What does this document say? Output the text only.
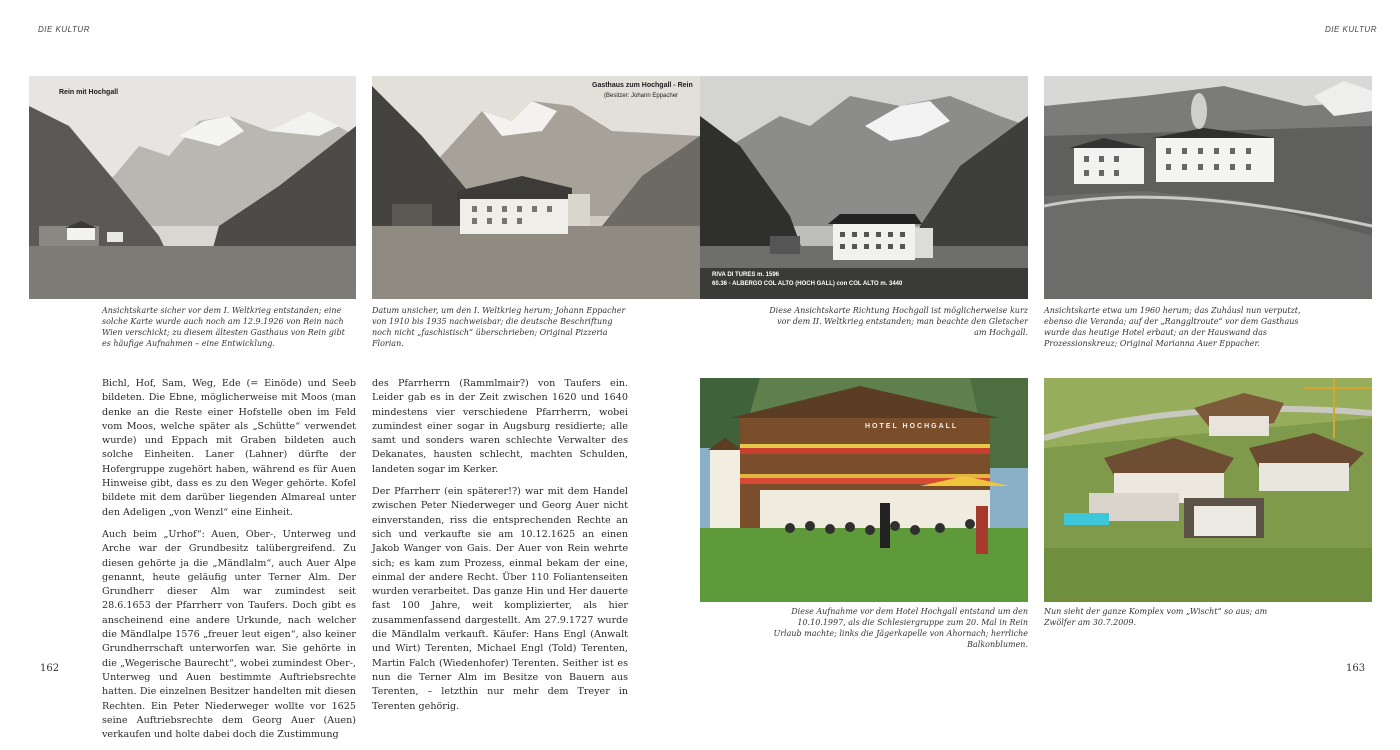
DIE KULTUR	DIE KULTUR
Rein mit Hochgall
Gasthaus zum Hochgall - Rein
(Besitzer: Johann Eppacher
RIVA DI TURES m. 1596
60.36 - ALBERGO COL ALTO (HOCH GALL) con COL ALTO m. 3440
HOTEL HOCHGALL
Ansichtskarte sicher vor dem I. Weltkrieg entstanden; eine solche Karte wurde auch noch am 12.9.1926 von Rein nach Wien verschickt; zu diesem ältesten Gasthaus von Rein gibt es häufige Aufnahmen – eine Entwicklung.
Datum unsicher, um den I. Weltkrieg herum; Johann Eppacher von 1910 bis 1935 nachweisbar; die deutsche Beschriftung noch nicht „faschistisch“ überschrieben; Original Pizzeria Florian.
Diese Ansichtskarte Richtung Hochgall ist möglicherweise kurz vor dem II. Weltkrieg entstanden; man beachte den Gletscher am Hochgall.
Ansichtskarte etwa um 1960 herum; das Zuhäusl nun verputzt, ebenso die Veranda; auf der „Ranggltroute“ vor dem Gasthaus wurde das heutige Hotel erbaut; an der Hauswand das Prozessionskreuz; Original Marianna Auer Eppacher.
Diese Aufnahme vor dem Hotel Hochgall entstand um den 10.10.1997, als die Schlesiergruppe zum 20. Mal in Rein Urlaub machte; links die Jägerkapelle von Ahornach; herrliche Balkonblumen.
Nun sieht der ganze Komplex vom „Wischt“ so aus; am Zwölfer am 30.7.2009.

Bichl, Hof, Sam, Weg, Ede (= Einöde) und Seeb bildeten. Die Ebne, möglicherweise mit Moos (man denke an die Reste einer Hofstelle oben im Feld vom Moos, welche später als „Schütte“ verwendet wurde) und Eppach mit Graben bildeten auch solche Einheiten. Laner (Lahner) dürfte der Hofergruppe zugehört haben, während es für Auen Hinweise gibt, dass es zu den Weger gehörte. Kofel bildete mit dem darüber liegenden Almareal unter den Adeligen „von Wenzl“ eine Einheit.

Auch beim „Urhof“: Auen, Ober-, Unterweg und Arche war der Grundbesitz talübergreifend. Zu diesen gehörte ja die „Mändlalm“, auch Auer Alpe genannt, heute geläufig unter Terner Alm. Der Grundherr dieser Alm war zumindest seit 28.6.1653 der Pfarrherr von Taufers. Doch gibt es anscheinend eine andere Urkunde, nach welcher die Mändlalpe 1576 „freuer leut eigen“, also keiner Grundherrschaft unterworfen war. Sie gehörte in die „Wegerische Baurecht“, wobei zumindest Ober-, Unterweg und Auen bestimmte Auftriebsrechte hatten. Die einzelnen Besitzer handelten mit diesen Rechten. Ein Peter Niederweger wollte vor 1625 seine Auftriebsrechte dem Georg Auer (Auen) verkaufen und holte dabei doch die Zustimmung

des Pfarrherrn (Rammlmair?) von Taufers ein. Leider gab es in der Zeit zwischen 1620 und 1640 mindestens vier verschiedene Pfarrherrn, wobei zumindest einer sogar in Augsburg residierte; alle samt und sonders waren schlechte Verwalter des Dekanates, hausten schlecht, machten Schulden, landeten sogar im Kerker.

Der Pfarrherr (ein späterer!?) war mit dem Handel zwischen Peter Niederweger und Georg Auer nicht einverstanden, riss die entsprechenden Rechte an sich und verkaufte sie am 10.12.1625 an einen Jakob Wanger von Gais. Der Auer von Rein wehrte sich; es kam zum Prozess, einmal bekam der eine, einmal der andere Recht. Über 110 Foliantenseiten wurden verarbeitet. Das ganze Hin und Her dauerte fast 100 Jahre, weit komplizierter, als hier zusammenfassend dargestellt. Am 27.9.1727 wurde die Mändlalm verkauft. Käufer: Hans Engl (Anwalt und Wirt) Terenten, Michael Engl (Told) Terenten, Martin Falch (Wiedenhofer) Terenten. Seither ist es nun die Terner Alm im Besitze von Bauern aus Terenten, – letzthin nur mehr dem Treyer in Terenten gehörig.

162	163
